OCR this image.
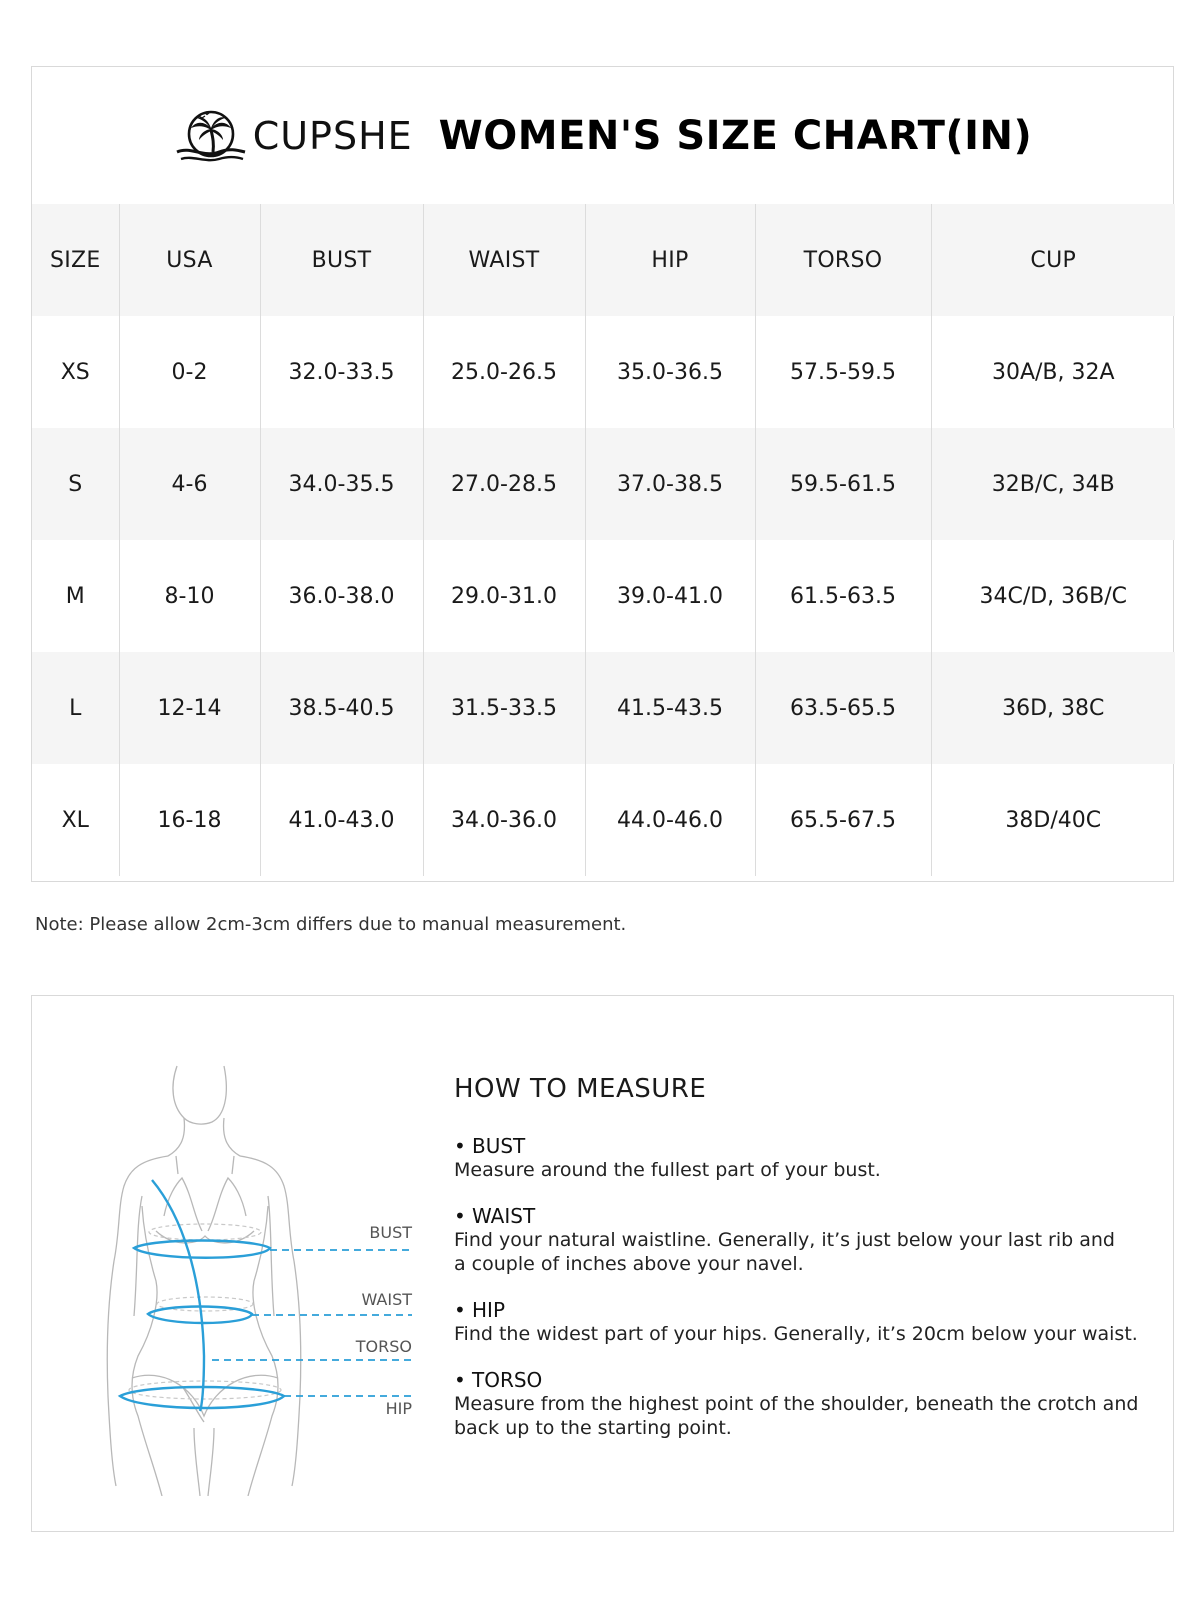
CUPSHE WOMEN'S SIZE CHART(IN)
SIZE	USA	BUST	WAIST	HIP	TORSO	CUP
XS	0-2	32.0-33.5	25.0-26.5	35.0-36.5	57.5-59.5	30A/B, 32A
S	4-6	34.0-35.5	27.0-28.5	37.0-38.5	59.5-61.5	32B/C, 34B
M	8-10	36.0-38.0	29.0-31.0	39.0-41.0	61.5-63.5	34C/D, 36B/C
L	12-14	38.5-40.5	31.5-33.5	41.5-43.5	63.5-65.5	36D, 38C
XL	16-18	41.0-43.0	34.0-36.0	44.0-46.0	65.5-67.5	38D/40C
Note: Please allow 2cm-3cm differs due to manual measurement.
BUST
WAIST
TORSO
HIP
HOW TO MEASURE
• BUST
Measure around the fullest part of your bust.
• WAIST
Find your natural waistline. Generally, it’s just below your last rib and
a couple of inches above your navel.
• HIP
Find the widest part of your hips. Generally, it’s 20cm below your waist.
• TORSO
Measure from the highest point of the shoulder, beneath the crotch and
back up to the starting point.
